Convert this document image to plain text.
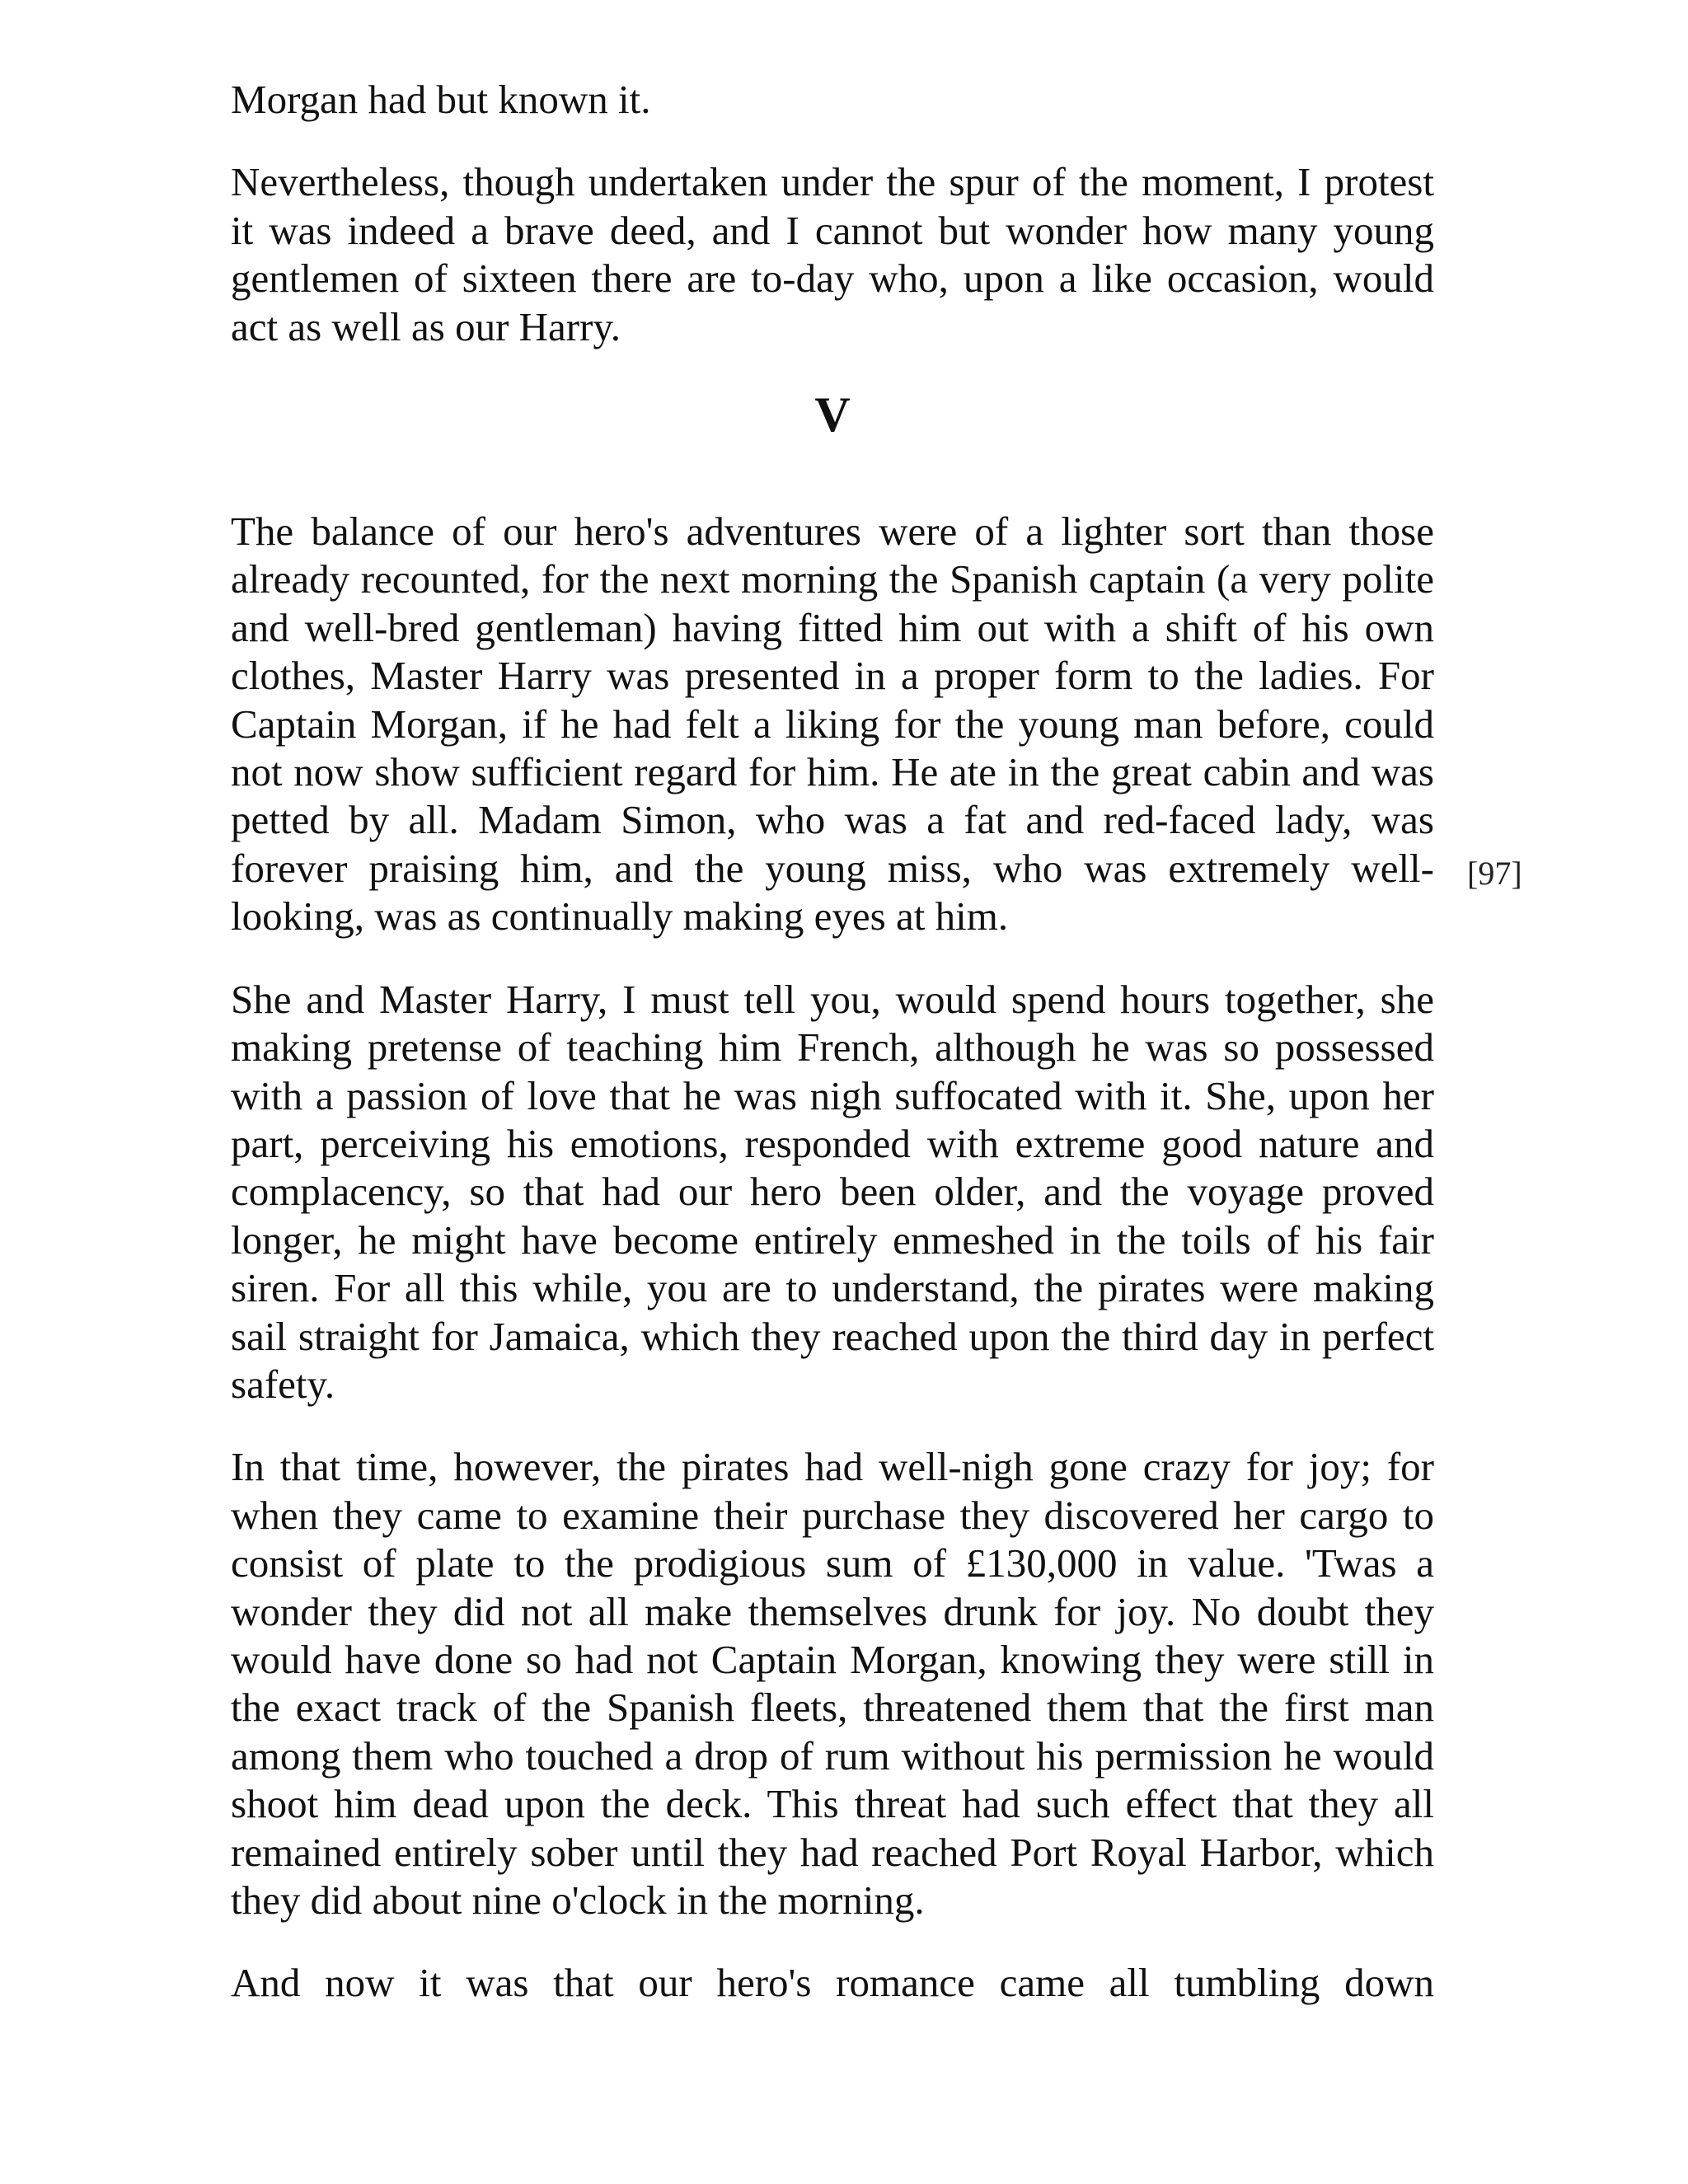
Morgan had but known it.

Nevertheless, though undertaken under the spur of the moment, I protest it was indeed a brave deed, and I cannot but wonder how many young gentlemen of sixteen there are to-day who, upon a like occasion, would act as well as our Harry.

V

The balance of our hero's adventures were of a lighter sort than those already recounted, for the next morning the Spanish captain (a very polite and well-bred gentleman) having fitted him out with a shift of his own clothes, Master Harry was presented in a proper form to the ladies. For Captain Morgan, if he had felt a liking for the young man before, could not now show sufficient regard for him. He ate in the great cabin and was petted by all. Madam Simon, who was a fat and red-faced lady, was forever praising him, and the young miss, who was extremely well-looking, was as continually making eyes at him.

She and Master Harry, I must tell you, would spend hours together, she making pretense of teaching him French, although he was so possessed with a passion of love that he was nigh suffocated with it. She, upon her part, perceiving his emotions, responded with extreme good nature and complacency, so that had our hero been older, and the voyage proved longer, he might have become entirely enmeshed in the toils of his fair siren. For all this while, you are to understand, the pirates were making sail straight for Jamaica, which they reached upon the third day in perfect safety.

In that time, however, the pirates had well-nigh gone crazy for joy; for when they came to examine their purchase they discovered her cargo to consist of plate to the prodigious sum of £130,000 in value. 'Twas a wonder they did not all make themselves drunk for joy. No doubt they would have done so had not Captain Morgan, knowing they were still in the exact track of the Spanish fleets, threatened them that the first man among them who touched a drop of rum without his permission he would shoot him dead upon the deck. This threat had such effect that they all remained entirely sober until they had reached Port Royal Harbor, which they did about nine o'clock in the morning.

And now it was that our hero's romance came all tumbling down

[97]
